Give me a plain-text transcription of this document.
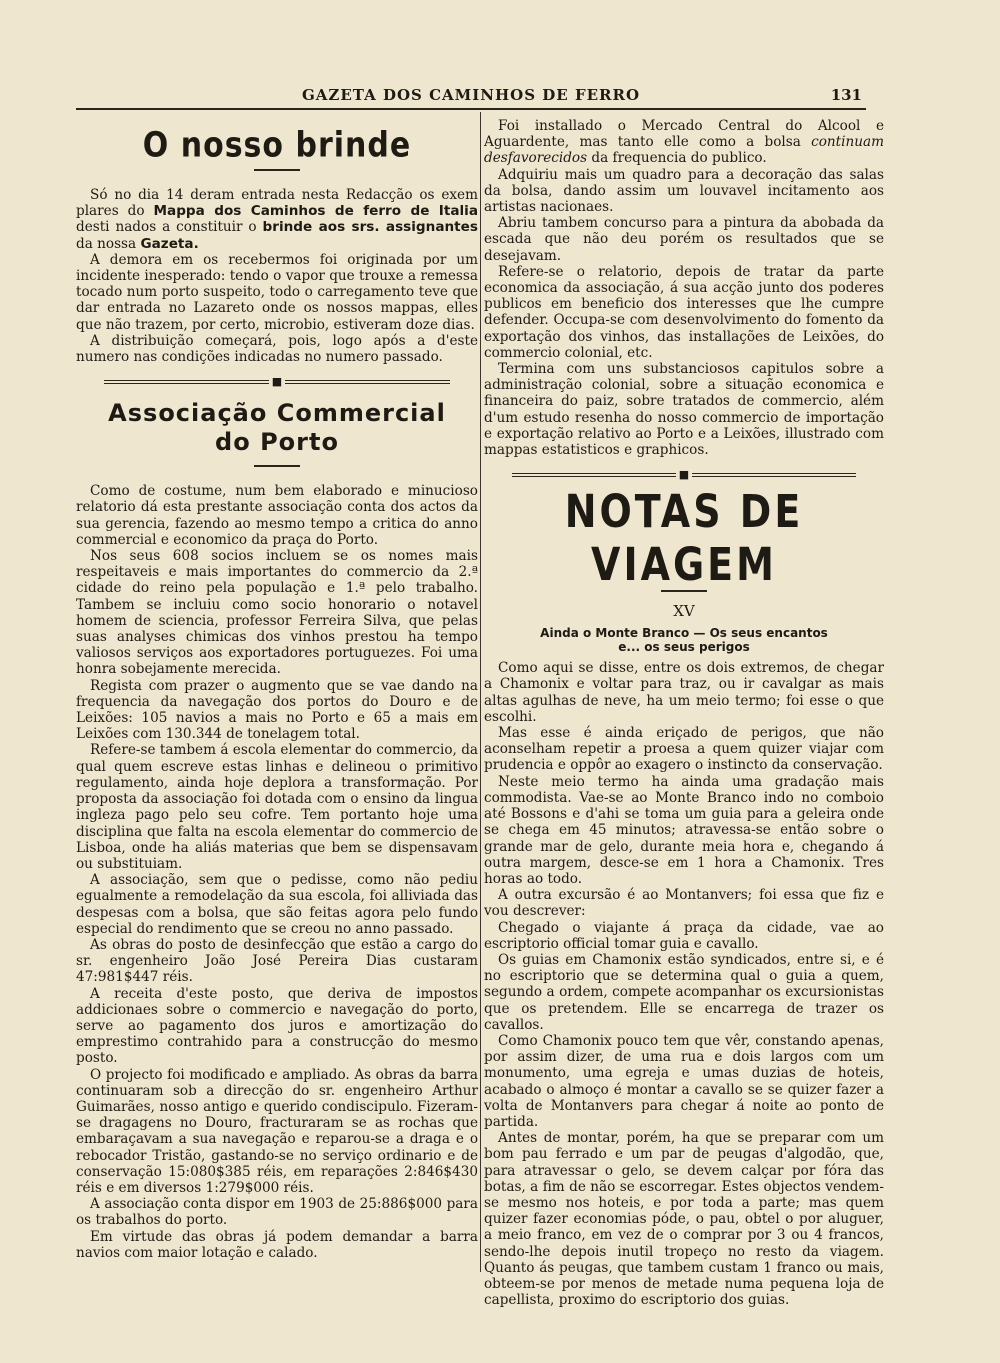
GAZETA DOS CAMINHOS DE FERRO	131
O nosso brinde

Só no dia 14 deram entrada nesta Redacção os exem plares do Mappa dos Caminhos de ferro de Italia desti nados a constituir o brinde aos srs. assignantes da nossa Gazeta.

A demora em os recebermos foi originada por um incidente inesperado: tendo o vapor que trouxe a remessa tocado num porto suspeito, todo o carregamento teve que dar entrada no Lazareto onde os nossos mappas, elles que não trazem, por certo, microbio, estiveram doze dias.

A distribuição começará, pois, logo após a d'este numero nas condições indicadas no numero passado.

■
Associação Commercial
do Porto

Como de costume, num bem elaborado e minucioso relatorio dá esta prestante associação conta dos actos da sua gerencia, fazendo ao mesmo tempo a critica do anno commercial e economico da praça do Porto.

Nos seus 608 socios incluem se os nomes mais respeitaveis e mais importantes do commercio da 2.ª cidade do reino pela população e 1.ª pelo trabalho. Tambem se incluiu como socio honorario o notavel homem de sciencia, professor Ferreira Silva, que pelas suas analyses chimicas dos vinhos prestou ha tempo valiosos serviços aos exportadores portuguezes. Foi uma honra sobejamente merecida.

Regista com prazer o augmento que se vae dando na frequencia da navegação dos portos do Douro e de Leixões: 105 navios a mais no Porto e 65 a mais em Leixões com 130.344 de tonelagem total.

Refere-se tambem á escola elementar do commercio, da qual quem escreve estas linhas e delineou o primitivo regulamento, ainda hoje deplora a transformação. Por proposta da associação foi dotada com o ensino da lingua ingleza pago pelo seu cofre. Tem portanto hoje uma disciplina que falta na escola elementar do commercio de Lisboa, onde ha aliás materias que bem se dispensavam ou substituiam.

A associação, sem que o pedisse, como não pediu egualmente a remodelação da sua escola, foi alliviada das despesas com a bolsa, que são feitas agora pelo fundo especial do rendimento que se creou no anno passado.

As obras do posto de desinfecção que estão a cargo do sr. engenheiro João José Pereira Dias custaram 47:981$447 réis.

A receita d'este posto, que deriva de impostos addicionaes sobre o commercio e navegação do porto, serve ao pagamento dos juros e amortização do emprestimo contrahido para a construcção do mesmo posto.

O projecto foi modificado e ampliado. As obras da barra continuaram sob a direcção do sr. engenheiro Arthur Guimarães, nosso antigo e querido condiscipulo. Fizeram-se dragagens no Douro, fracturaram se as rochas que embaraçavam a sua navegação e reparou-se a draga e o rebocador Tristão, gastando-se no serviço ordinario e de conservação 15:080$385 réis, em reparações 2:846$430 réis e em diversos 1:279$000 réis.

A associação conta dispor em 1903 de 25:886$000 para os trabalhos do porto.

Em virtude das obras já podem demandar a barra navios com maior lotação e calado.

Foi installado o Mercado Central do Alcool e Aguardente, mas tanto elle como a bolsa continuam desfavorecidos da frequencia do publico.

Adquiriu mais um quadro para a decoração das salas da bolsa, dando assim um louvavel incitamento aos artistas nacionaes.

Abriu tambem concurso para a pintura da abobada da escada que não deu porém os resultados que se desejavam.

Refere-se o relatorio, depois de tratar da parte economica da associação, á sua acção junto dos poderes publicos em beneficio dos interesses que lhe cumpre defender. Occupa-se com desenvolvimento do fomento da exportação dos vinhos, das installações de Leixões, do commercio colonial, etc.

Termina com uns substanciosos capitulos sobre a administração colonial, sobre a situação economica e financeira do paiz, sobre tratados de commercio, além d'um estudo resenha do nosso commercio de importação e exportação relativo ao Porto e a Leixões, illustrado com mappas estatisticos e graphicos.

■
NOTAS DE VIAGEM
XV
Ainda o Monte Branco — Os seus encantos
e... os seus perigos

Como aqui se disse, entre os dois extremos, de chegar a Chamonix e voltar para traz, ou ir cavalgar as mais altas agulhas de neve, ha um meio termo; foi esse o que escolhi.

Mas esse é ainda eriçado de perigos, que não aconselham repetir a proesa a quem quizer viajar com prudencia e oppôr ao exagero o instincto da conservação.

Neste meio termo ha ainda uma gradação mais commodista. Vae-se ao Monte Branco indo no comboio até Bossons e d'ahi se toma um guia para a geleira onde se chega em 45 minutos; atravessa-se então sobre o grande mar de gelo, durante meia hora e, chegando á outra margem, desce-se em 1 hora a Chamonix. Tres horas ao todo.

A outra excursão é ao Montanvers; foi essa que fiz e vou descrever:

Chegado o viajante á praça da cidade, vae ao escriptorio official tomar guia e cavallo.

Os guias em Chamonix estão syndicados, entre si, e é no escriptorio que se determina qual o guia a quem, segundo a ordem, compete acompanhar os excursionistas que os pretendem. Elle se encarrega de trazer os cavallos.

Como Chamonix pouco tem que vêr, constando apenas, por assim dizer, de uma rua e dois largos com um monumento, uma egreja e umas duzias de hoteis, acabado o almoço é montar a cavallo se se quizer fazer a volta de Montanvers para chegar á noite ao ponto de partida.

Antes de montar, porém, ha que se preparar com um bom pau ferrado e um par de peugas d'algodão, que, para atravessar o gelo, se devem calçar por fóra das botas, a fim de não se escorregar. Estes objectos vendem-se mesmo nos hoteis, e por toda a parte; mas quem quizer fazer economias póde, o pau, obtel o por aluguer, a meio franco, em vez de o comprar por 3 ou 4 francos, sendo-lhe depois inutil tropeço no resto da viagem. Quanto ás peugas, que tambem custam 1 franco ou mais, obteem-se por menos de metade numa pequena loja de capellista, proximo do escriptorio dos guias.
